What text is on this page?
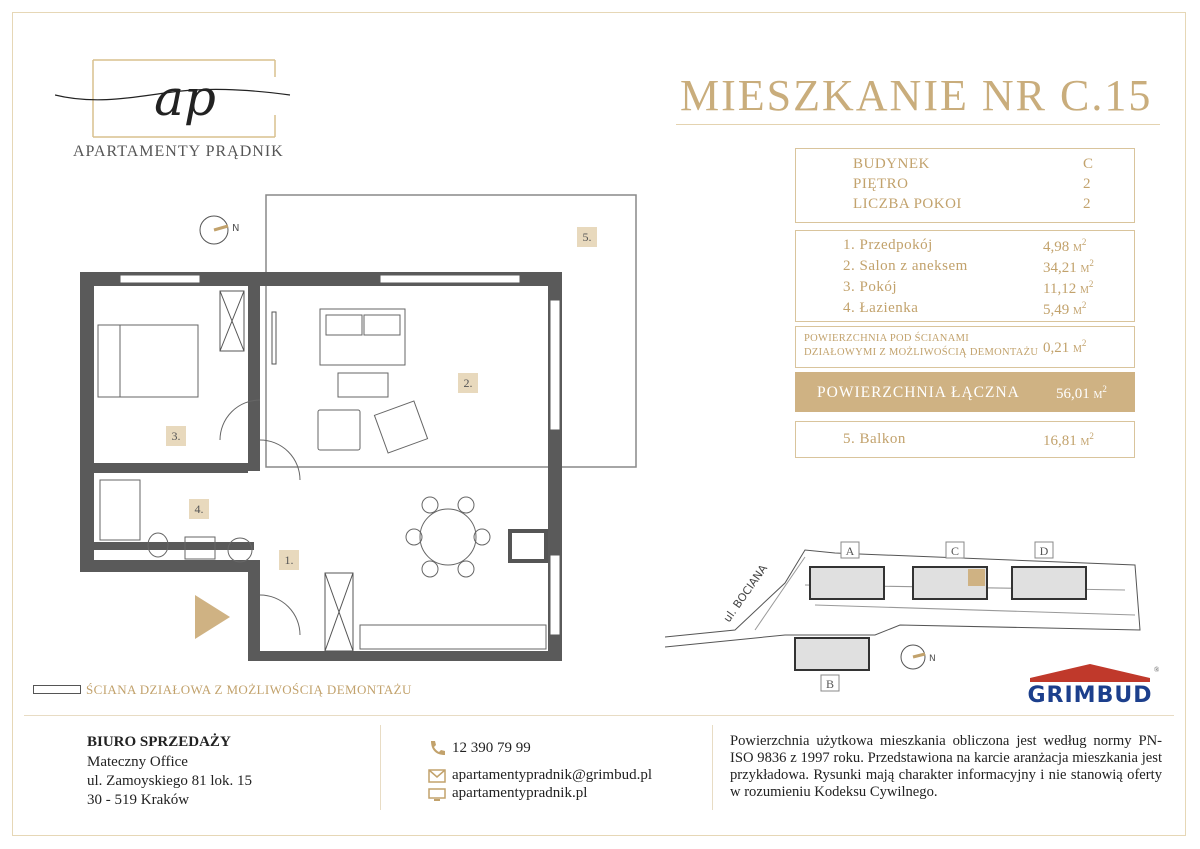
ap
APARTAMENTY PRĄDNIK
MIESZKANIE NR C.15
BUDYNEK	C
PIĘTRO	2
LICZBA POKOI	2
1. Przedpokój	4,98 $M^2$
2. Salon z aneksem	34,21 $M^2$
3. Pokój	11,12 $M^2$
4. Łazienka	5,49 $M^2$
POWIERZCHNIA POD ŚCIANAMI
DZIAŁOWYMI Z MOŻLIWOŚCIĄ DEMONTAŻU 0,21 $M^2$
POWIERZCHNIA ŁĄCZNA 56,01 $M^2$
5. Balkon	16,81 $M^2$
N
5.
2.
3.
4.
1.
ŚCIANA DZIAŁOWA Z MOŻLIWOŚCIĄ DEMONTAŻU
A	C	D
B
ul. BOCIANA
N
GRIMBUD
®
BIURO SPRZEDAŻY
Mateczny Office
ul. Zamoyskiego 81 lok. 15
30 - 519 Kraków
12 390 79 99
apartamentypradnik@grimbud.pl
apartamentypradnik.pl
Powierzchnia użytkowa mieszkania obliczona jest według normy PN-ISO 9836 z 1997 roku. Przedstawiona na karcie aranżacja mieszkania jest przykładowa. Rysunki mają charakter informacyjny i nie stanowią oferty w rozumieniu Kodeksu Cywilnego.
